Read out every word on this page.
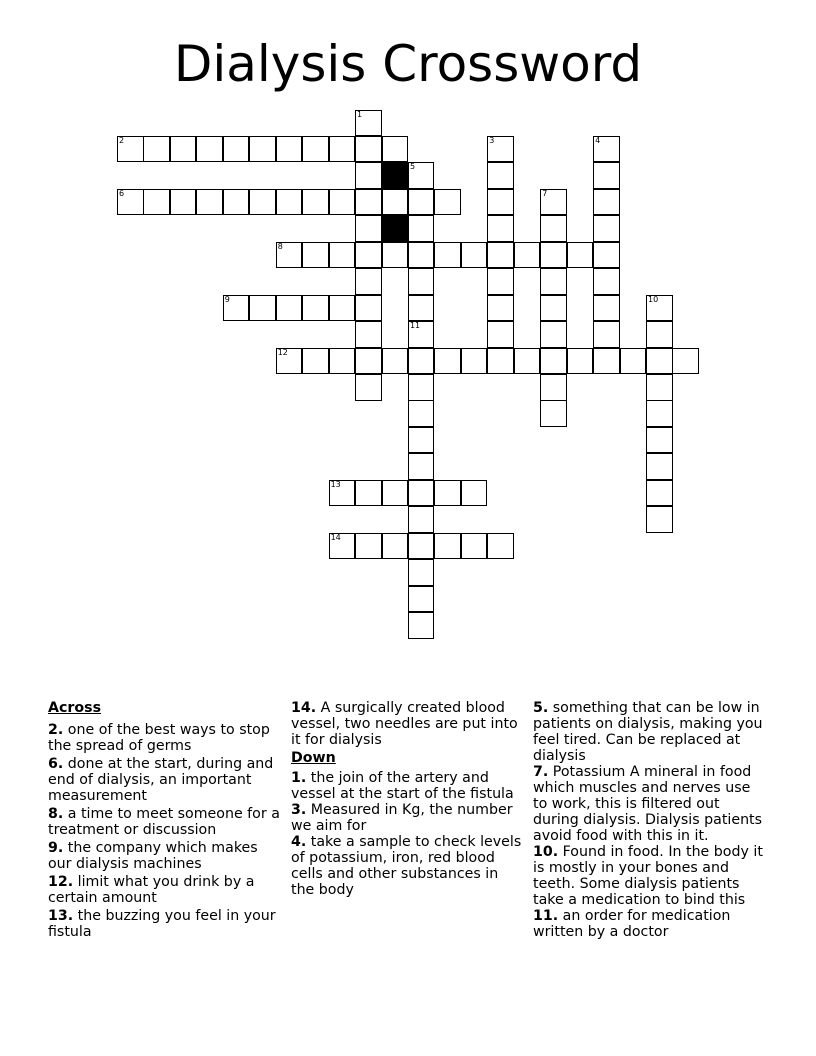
Dialysis Crossword
1
2	3	4
5
11
6	7
8
9	10
12
13
14
Across
2. one of the best ways to stop the spread of germs
6. done at the start, during and end of dialysis, an important measurement
8. a time to meet someone for a treatment or discussion
9. the company which makes our dialysis machines
12. limit what you drink by a certain amount
13. the buzzing you feel in your fistula
14. A surgically created blood vessel, two needles are put into it for dialysis
Down
1. the join of the artery and vessel at the start of the fistula
3. Measured in Kg, the number we aim for
4. take a sample to check levels of potassium, iron, red blood cells and other substances in the body
5. something that can be low in patients on dialysis, making you feel tired. Can be replaced at dialysis
7. Potassium A mineral in food which muscles and nerves use to work, this is filtered out during dialysis. Dialysis patients avoid food with this in it.
10. Found in food. In the body it is mostly in your bones and teeth. Some dialysis patients take a medication to bind this
11. an order for medication written by a doctor
